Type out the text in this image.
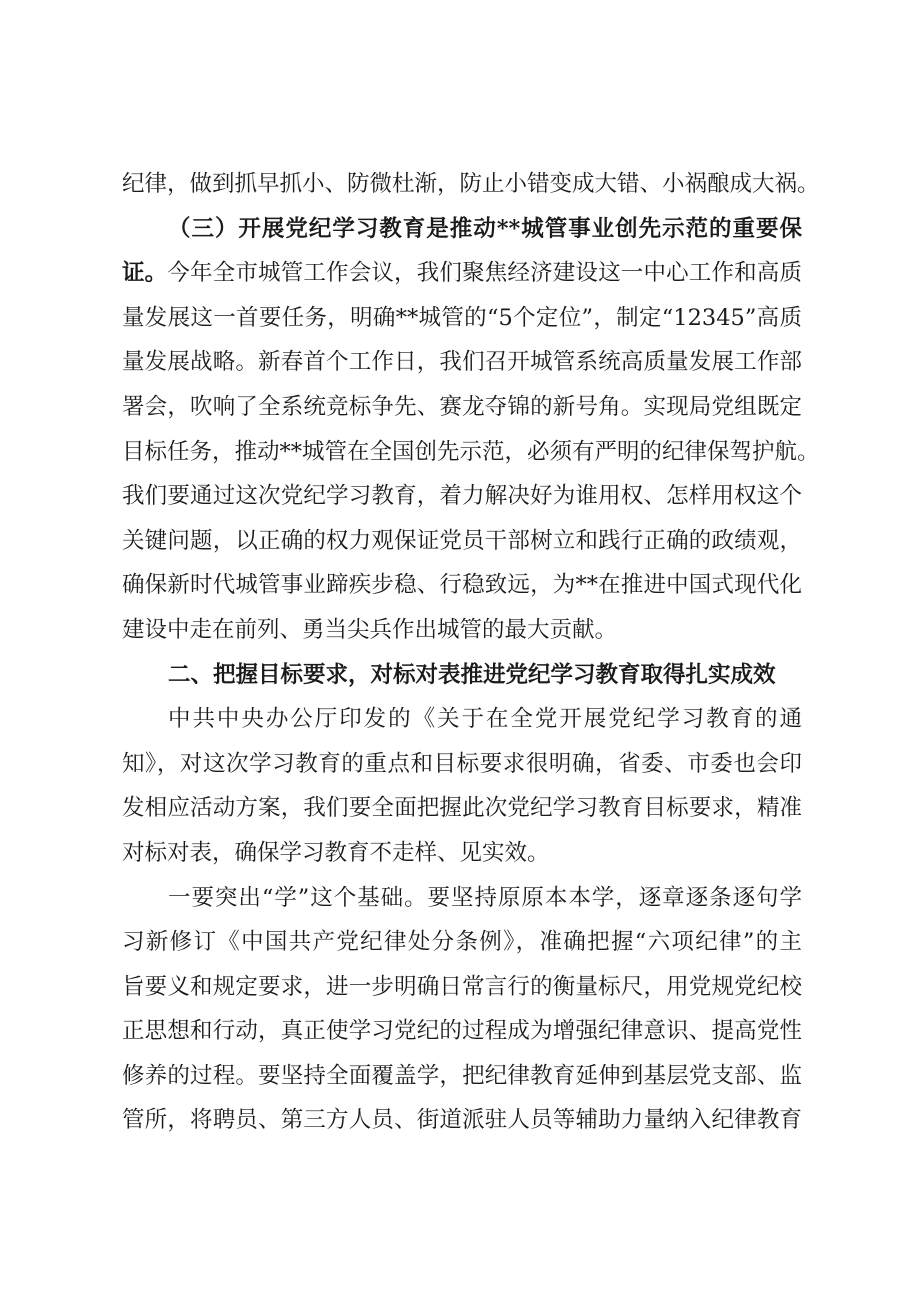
纪律，做到抓早抓小、防微杜渐，防止小错变成大错、小祸酿成大祸。
（三）开展党纪学习教育是推动**城管事业创先示范的重要保
证。今年全市城管工作会议，我们聚焦经济建设这一中心工作和高质
量发展这一首要任务，明确**城管的“5个定位”，制定“12345”高质
量发展战略。新春首个工作日，我们召开城管系统高质量发展工作部
署会，吹响了全系统竞标争先、赛龙夺锦的新号角。实现局党组既定
目标任务，推动**城管在全国创先示范，必须有严明的纪律保驾护航。
我们要通过这次党纪学习教育，着力解决好为谁用权、怎样用权这个
关键问题，以正确的权力观保证党员干部树立和践行正确的政绩观，
确保新时代城管事业蹄疾步稳、行稳致远，为**在推进中国式现代化
建设中走在前列、勇当尖兵作出城管的最大贡献。
二、把握目标要求，对标对表推进党纪学习教育取得扎实成效
中共中央办公厅印发的《关于在全党开展党纪学习教育的通
知》，对这次学习教育的重点和目标要求很明确，省委、市委也会印
发相应活动方案，我们要全面把握此次党纪学习教育目标要求，精准
对标对表，确保学习教育不走样、见实效。
一要突出“学”这个基础。要坚持原原本本学，逐章逐条逐句学
习新修订《中国共产党纪律处分条例》，准确把握“六项纪律”的主
旨要义和规定要求，进一步明确日常言行的衡量标尺，用党规党纪校
正思想和行动，真正使学习党纪的过程成为增强纪律意识、提高党性
修养的过程。要坚持全面覆盖学，把纪律教育延伸到基层党支部、监
管所，将聘员、第三方人员、街道派驻人员等辅助力量纳入纪律教育
